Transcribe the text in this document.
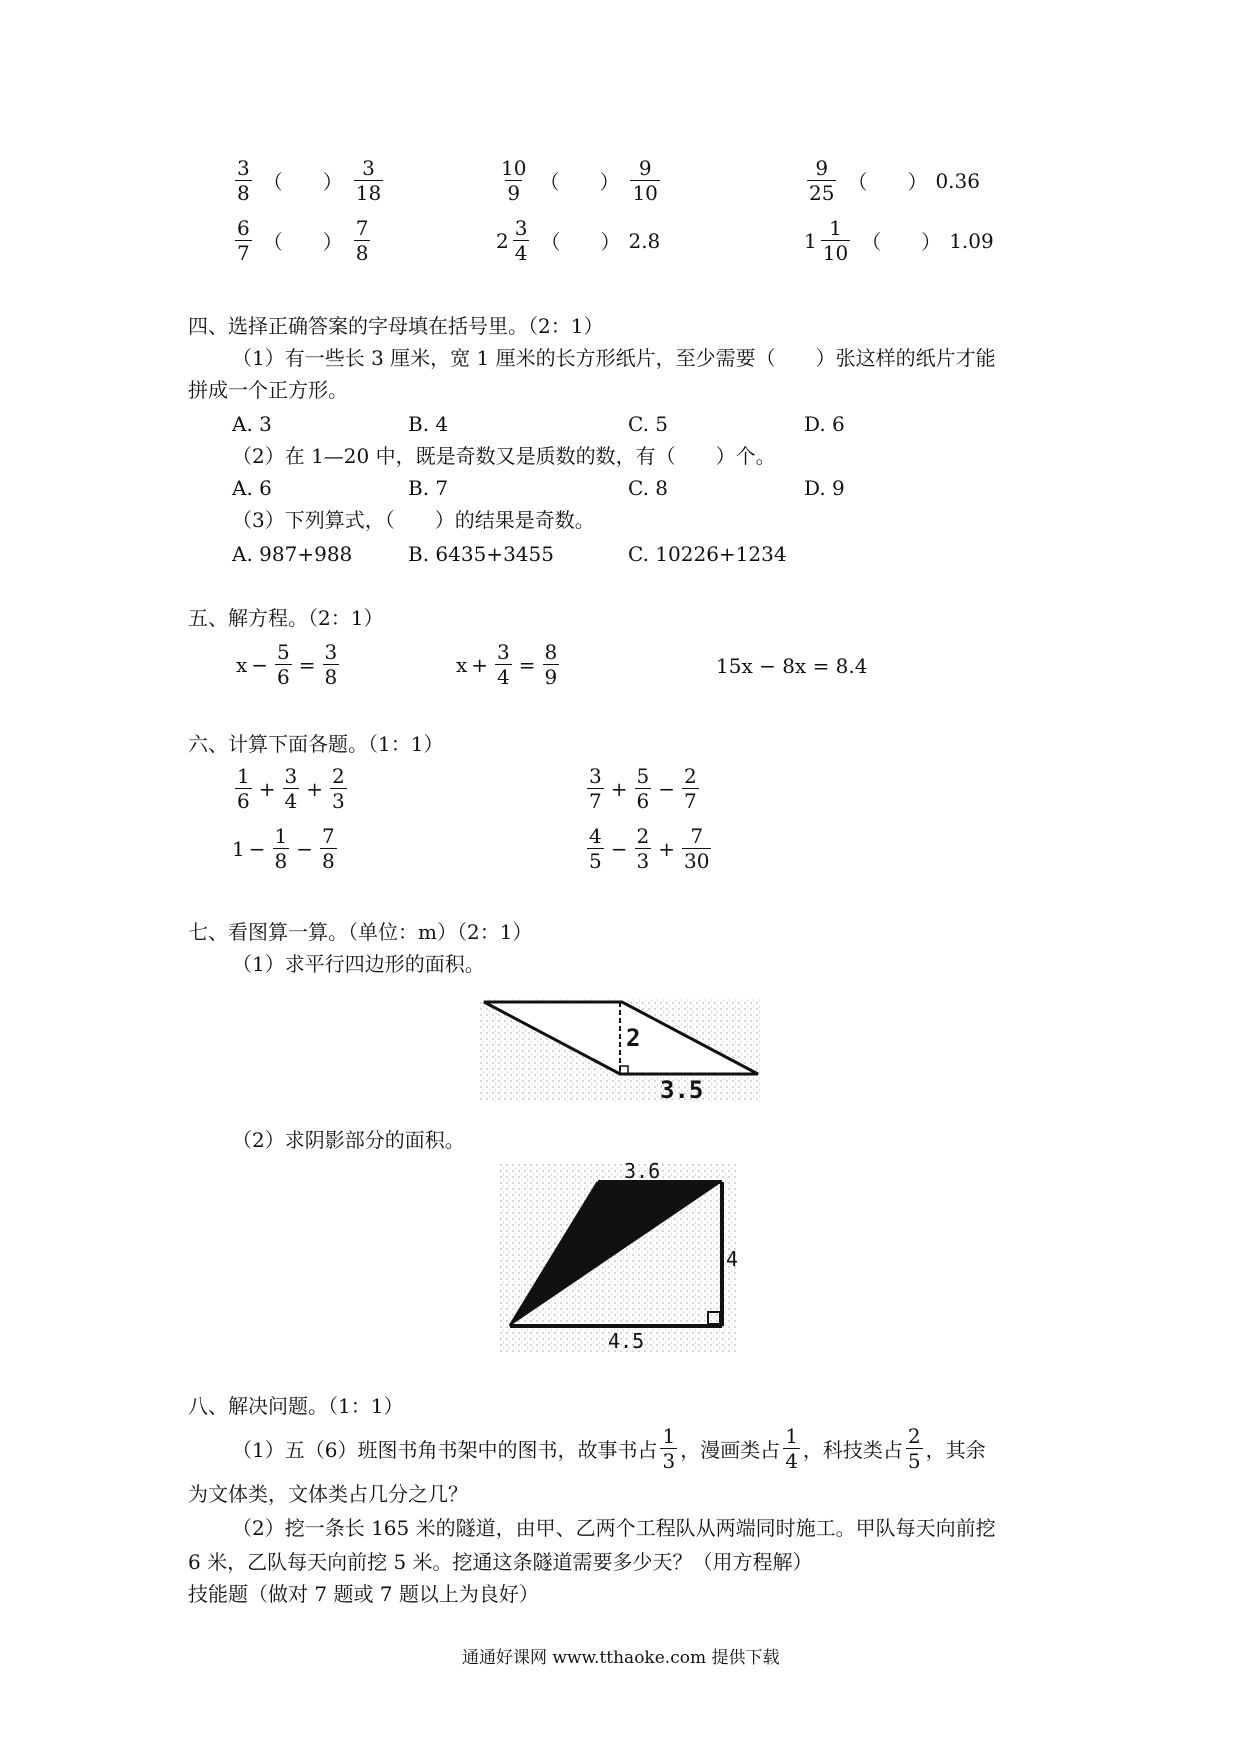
$\frac{3}{8}$ （　　） $\frac{3}{18}$	$\frac{10}{9}$ （　　） $\frac{9}{10}$	$\frac{9}{25}$ （　　） 0.36
$\frac{6}{7}$ （　　） $\frac{7}{8}$	$2 \frac{3}{4}$ （　　） 2.8	$1 \frac{1}{10}$ （　　） 1.09
四、选择正确答案的字母填在括号里。（2：1）
（1）有一些长 3 厘米，宽 1 厘米的长方形纸片，至少需要（　　）张这样的纸片才能
拼成一个正方形。
A. 3	B. 4	C. 5	D. 6
（2）在 1—20 中，既是奇数又是质数的数，有（　　）个。
A. 6	B. 7	C. 8	D. 9
（3）下列算式，（　　）的结果是奇数。
A. 987+988	B. 6435+3455	C. 10226+1234
五、解方程。（2：1）
$x - \frac{5}{6} = \frac{3}{8}$	$x + \frac{3}{4} = \frac{8}{9}$	15x − 8x = 8.4
六、计算下面各题。（1：1）
$\frac{1}{6} + \frac{3}{4} + \frac{2}{3}$	$\frac{3}{7} + \frac{5}{6} - \frac{2}{7}$
$1 - \frac{1}{8} - \frac{7}{8}$	$\frac{4}{5} - \frac{2}{3} + \frac{7}{30}$
七、看图算一算。（单位：m）（2：1）
（1）求平行四边形的面积。
2
3.5
（2）求阴影部分的面积。
3.6
4
4.5
八、解决问题。（1：1）
（1）五（6）班图书角书架中的图书，故事书占 $\frac{1}{3}$ ，漫画类占 $\frac{1}{4}$ ，科技类占 $\frac{2}{5}$ ，其余
为文体类，文体类占几分之几？
（2）挖一条长 165 米的隧道，由甲、乙两个工程队从两端同时施工。甲队每天向前挖
6 米，乙队每天向前挖 5 米。挖通这条隧道需要多少天？（用方程解）
技能题（做对 7 题或 7 题以上为良好）
通通好课网 www.tthaoke.com 提供下载
